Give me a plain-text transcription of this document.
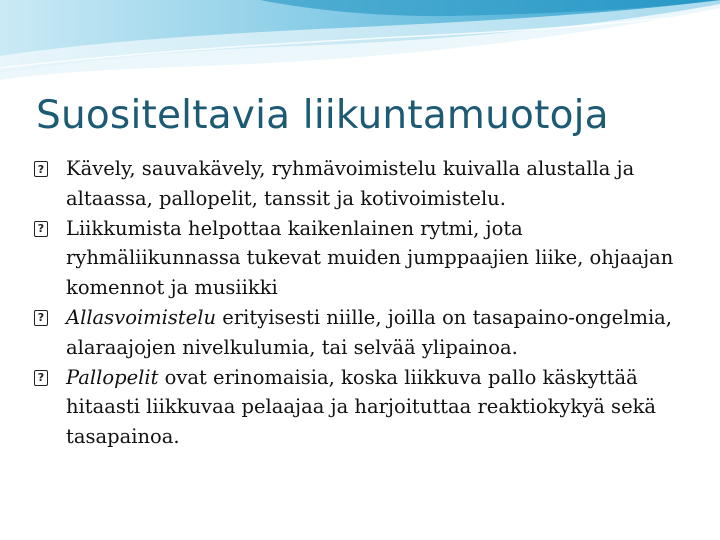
Suositeltavia liikuntamuotoja
? Kävely, sauvakävely, ryhmävoimistelu kuivalla alustalla ja altaassa, pallopelit, tanssit ja kotivoimistelu.
? Liikkumista helpottaa kaikenlainen rytmi, jota ryhmäliikunnassa tukevat muiden jumppaajien liike, ohjaajan komennot ja musiikki
? Allasvoimistelu erityisesti niille, joilla on tasapaino-ongelmia, alaraajojen nivelkulumia, tai selvää ylipainoa.
? Pallopelit ovat erinomaisia, koska liikkuva pallo käskyttää hitaasti liikkuvaa pelaajaa ja harjoituttaa reaktiokykyä sekä tasapainoa.
